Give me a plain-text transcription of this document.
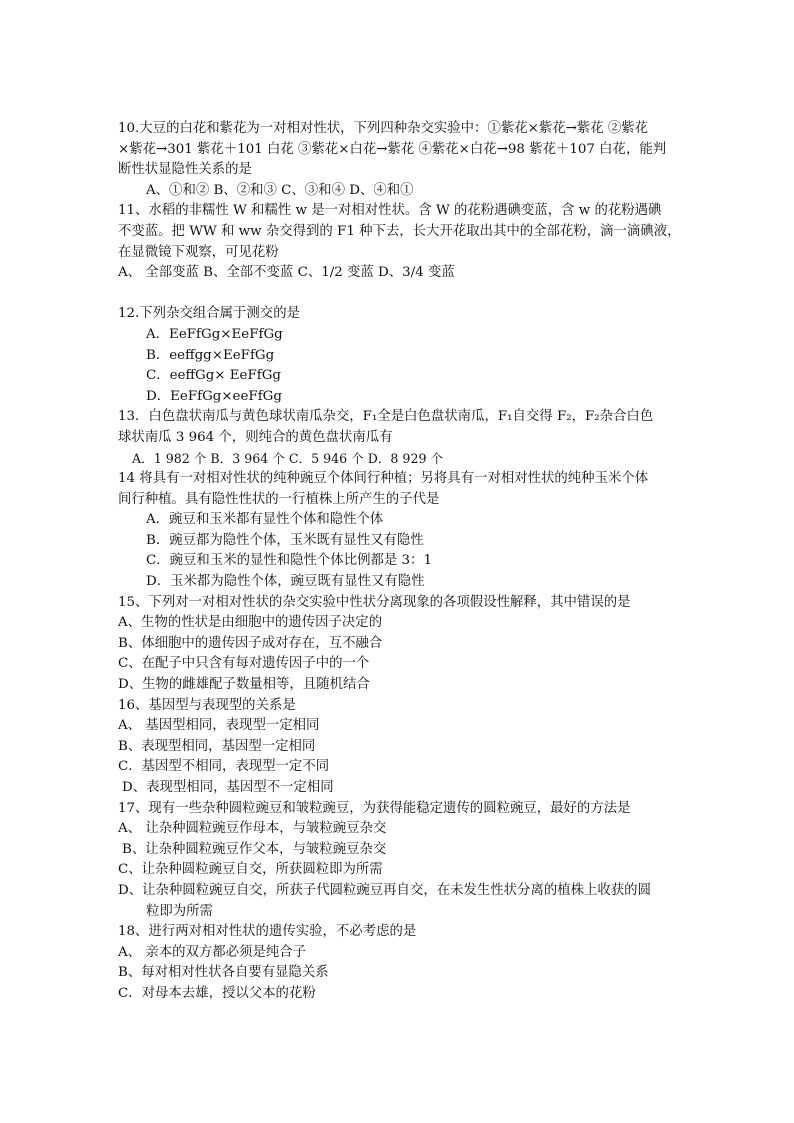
10.大豆的白花和紫花为一对相对性状，下列四种杂交实验中：①紫花×紫花→紫花 ②紫花
×紫花→301 紫花＋101 白花 ③紫花×白花→紫花 ④紫花×白花→98 紫花＋107 白花，能判
断性状显隐性关系的是
A、①和② B、②和③ C、③和④ D、④和①
11、水稻的非糯性 W 和糯性 w 是一对相对性状。含 W 的花粉遇碘变蓝，含 w 的花粉遇碘
不变蓝。把 WW 和 ww 杂交得到的 F1 种下去，长大开花取出其中的全部花粉，滴一滴碘液，
在显微镜下观察，可见花粉
A、 全部变蓝 B、全部不变蓝 C、1/2 变蓝 D、3/4 变蓝
12.下列杂交组合属于测交的是
A．EeFfGg×EeFfGg
B．eeffgg×EeFfGg
C．eeffGg× EeFfGg
D．EeFfGg×eeFfGg
13．白色盘状南瓜与黄色球状南瓜杂交，F₁全是白色盘状南瓜，F₁自交得 F₂，F₂杂合白色
球状南瓜 3 964 个，则纯合的黄色盘状南瓜有
A．1 982 个 B．3 964 个 C．5 946 个 D．8 929 个
14 将具有一对相对性状的纯种豌豆个体间行种植；另将具有一对相对性状的纯种玉米个体
间行种植。具有隐性性状的一行植株上所产生的子代是
A．豌豆和玉米都有显性个体和隐性个体
B．豌豆都为隐性个体，玉米既有显性又有隐性
C．豌豆和玉米的显性和隐性个体比例都是 3：1
D．玉米都为隐性个体，豌豆既有显性又有隐性
15、下列对一对相对性状的杂交实验中性状分离现象的各项假设性解释，其中错误的是
A、生物的性状是由细胞中的遗传因子决定的
B、体细胞中的遗传因子成对存在，互不融合
C、在配子中只含有每对遗传因子中的一个
D、生物的雌雄配子数量相等，且随机结合
16、基因型与表现型的关系是
A、 基因型相同，表现型一定相同
B、表现型相同，基因型一定相同
C．基因型不相同，表现型一定不同
D、表现型相同，基因型不一定相同
17、现有一些杂种圆粒豌豆和皱粒豌豆，为获得能稳定遗传的圆粒豌豆，最好的方法是
A、 让杂种圆粒豌豆作母本，与皱粒豌豆杂交
B、让杂种圆粒豌豆作父本，与皱粒豌豆杂交
C、让杂种圆粒豌豆自交，所获圆粒即为所需
D、让杂种圆粒豌豆自交，所获子代圆粒豌豆再自交，在未发生性状分离的植株上收获的圆
粒即为所需
18、进行两对相对性状的遗传实验，不必考虑的是
A、 亲本的双方都必须是纯合子
B、每对相对性状各自要有显隐关系
C．对母本去雄，授以父本的花粉
